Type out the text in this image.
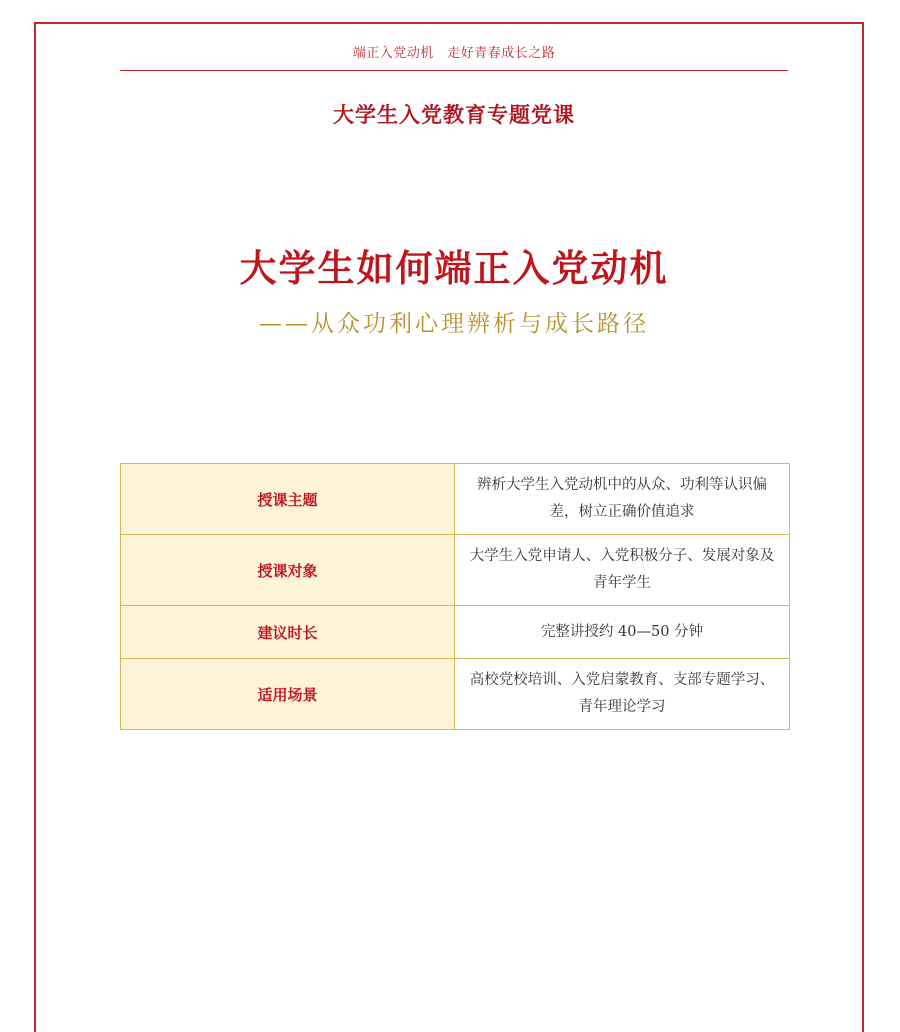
端正入党动机　走好青春成长之路
大学生入党教育专题党课
大学生如何端正入党动机
——从众功利心理辨析与成长路径
授课主题	辨析大学生入党动机中的从众、功利等认识偏差，树立正确价值追求
授课对象	大学生入党申请人、入党积极分子、发展对象及青年学生
建议时长	完整讲授约 40—50 分钟
适用场景	高校党校培训、入党启蒙教育、支部专题学习、青年理论学习
